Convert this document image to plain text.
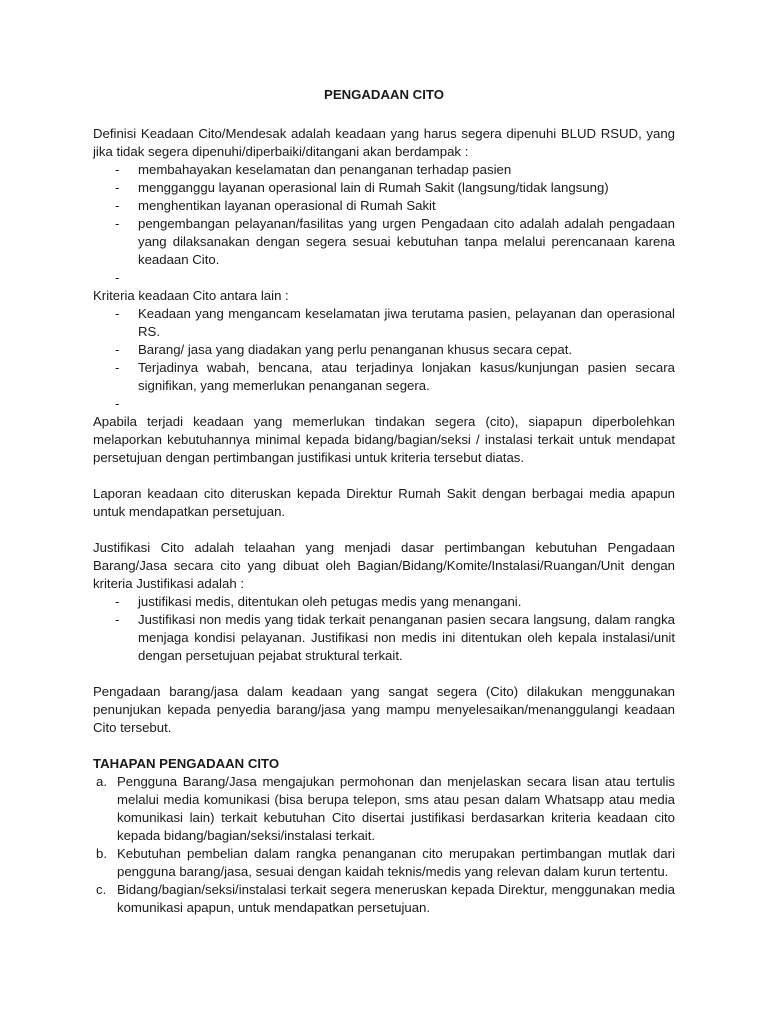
PENGADAAN CITO

Definisi Keadaan Cito/Mendesak adalah keadaan yang harus segera dipenuhi BLUD RSUD, yang jika tidak segera dipenuhi/diperbaiki/ditangani akan berdampak :

- membahayakan keselamatan dan penanganan terhadap pasien
- mengganggu layanan operasional lain di Rumah Sakit (langsung/tidak langsung)
- menghentikan layanan operasional di Rumah Sakit
- pengembangan pelayanan/fasilitas yang urgen Pengadaan cito adalah adalah pengadaan yang dilaksanakan dengan segera sesuai kebutuhan tanpa melalui perencanaan karena keadaan Cito.
-

Kriteria keadaan Cito antara lain :

- Keadaan yang mengancam keselamatan jiwa terutama pasien, pelayanan dan operasional RS.
- Barang/ jasa yang diadakan yang perlu penanganan khusus secara cepat.
- Terjadinya wabah, bencana, atau terjadinya lonjakan kasus/kunjungan pasien secara signifikan, yang memerlukan penanganan segera.
-

Apabila terjadi keadaan yang memerlukan tindakan segera (cito), siapapun diperbolehkan melaporkan kebutuhannya minimal kepada bidang/bagian/seksi / instalasi terkait untuk mendapat persetujuan dengan pertimbangan justifikasi untuk kriteria tersebut diatas.

Laporan keadaan cito diteruskan kepada Direktur Rumah Sakit dengan berbagai media apapun untuk mendapatkan persetujuan.

Justifikasi Cito adalah telaahan yang menjadi dasar pertimbangan kebutuhan Pengadaan Barang/Jasa secara cito yang dibuat oleh Bagian/Bidang/Komite/Instalasi/Ruangan/Unit dengan kriteria Justifikasi adalah :

- justifikasi medis, ditentukan oleh petugas medis yang menangani.
- Justifikasi non medis yang tidak terkait penanganan pasien secara langsung, dalam rangka menjaga kondisi pelayanan. Justifikasi non medis ini ditentukan oleh kepala instalasi/unit dengan persetujuan pejabat struktural terkait.

Pengadaan barang/jasa dalam keadaan yang sangat segera (Cito) dilakukan menggunakan penunjukan kepada penyedia barang/jasa yang mampu menyelesaikan/menanggulangi keadaan Cito tersebut.

TAHAPAN PENGADAAN CITO
a. Pengguna Barang/Jasa mengajukan permohonan dan menjelaskan secara lisan atau tertulis melalui media komunikasi (bisa berupa telepon, sms atau pesan dalam Whatsapp atau media komunikasi lain) terkait kebutuhan Cito disertai justifikasi berdasarkan kriteria keadaan cito kepada bidang/bagian/seksi/instalasi terkait.
b. Kebutuhan pembelian dalam rangka penanganan cito merupakan pertimbangan mutlak dari pengguna barang/jasa, sesuai dengan kaidah teknis/medis yang relevan dalam kurun tertentu.
c. Bidang/bagian/seksi/instalasi terkait segera meneruskan kepada Direktur, menggunakan media komunikasi apapun, untuk mendapatkan persetujuan.
